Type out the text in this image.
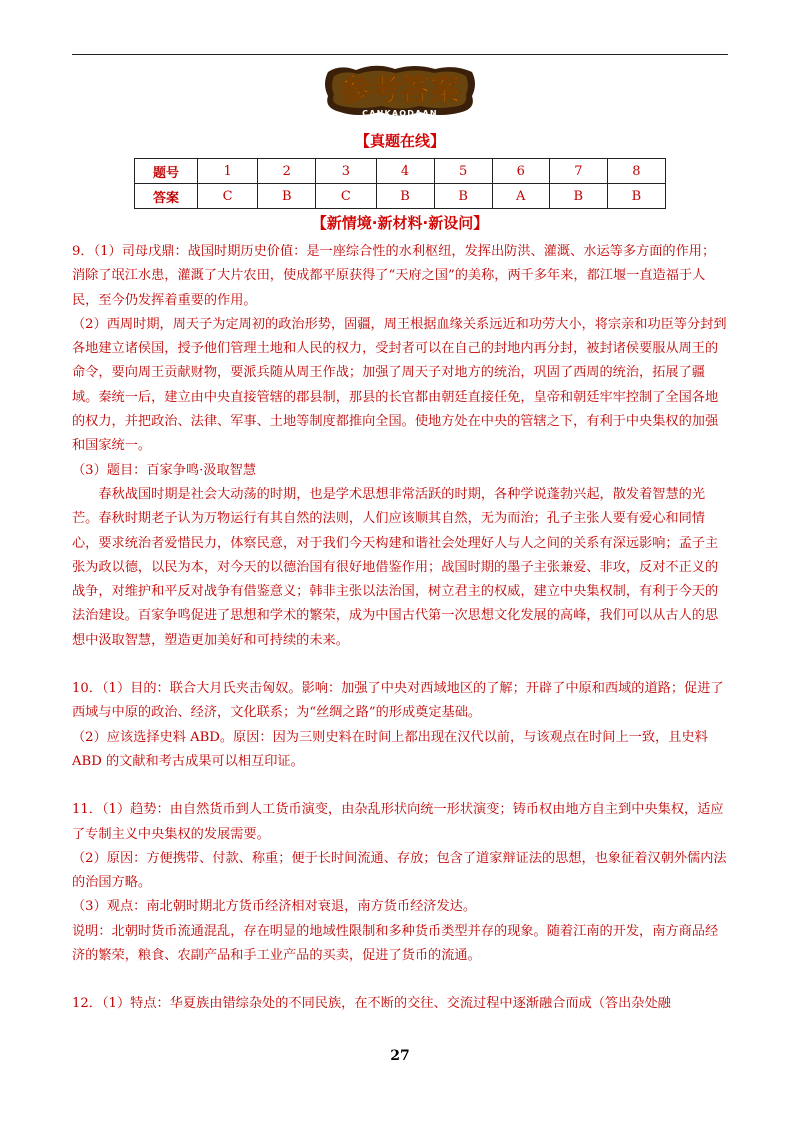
参考答案
CANKAODAAN
【真题在线】
题号	1	2	3	4	5	6	7	8
答案	C	B	C	B	B	A	B	B
【新情境·新材料·新设问】

9．（1）司母戊鼎：战国时期历史价值：是一座综合性的水利枢纽，发挥出防洪、灌溉、水运等多方面的作用；消除了氓江水患，灌溉了大片农田，使成都平原获得了“天府之国”的美称，两千多年来，都江堰一直造福于人民，至今仍发挥着重要的作用。

（2）西周时期，周天子为定周初的政治形势，固疆，周王根据血缘关系远近和功劳大小，将宗亲和功臣等分封到各地建立诸侯国，授予他们管理土地和人民的权力，受封者可以在自己的封地内再分封，被封诸侯要服从周王的命令，要向周王贡献财物，要派兵随从周王作战；加强了周天子对地方的统治，巩固了西周的统治，拓展了疆域。秦统一后，建立由中央直接管辖的郡县制，那县的长官都由朝廷直接任免，皇帝和朝廷牢牢控制了全国各地的权力，并把政治、法律、军事、土地等制度都推向全国。使地方处在中央的管辖之下，有利于中央集权的加强和国家统一。

（3）题目：百家争鸣·汲取智慧

春秋战国时期是社会大动荡的时期，也是学术思想非常活跃的时期，各种学说蓬勃兴起，散发着智慧的光芒。春秋时期老子认为万物运行有其自然的法则，人们应该顺其自然，无为而治；孔子主张人要有爱心和同情心，要求统治者爱惜民力，体察民意，对于我们今天构建和谐社会处理好人与人之间的关系有深远影响；孟子主张为政以德，以民为本，对今天的以德治国有很好地借鉴作用；战国时期的墨子主张兼爱、非攻，反对不正义的战争，对维护和平反对战争有借鉴意义；韩非主张以法治国，树立君主的权威，建立中央集权制，有利于今天的法治建设。百家争鸣促进了思想和学术的繁荣，成为中国古代第一次思想文化发展的高峰，我们可以从古人的思想中汲取智慧，塑造更加美好和可持续的未来。

10．（1）目的：联合大月氏夹击匈奴。影响：加强了中央对西域地区的了解；开辟了中原和西域的道路；促进了西域与中原的政治、经济，文化联系；为“丝绸之路”的形成奠定基础。

（2）应该选择史料 ABD。原因：因为三则史料在时间上都出现在汉代以前，与该观点在时间上一致，且史料 ABD 的文献和考古成果可以相互印证。

11．（1）趋势：由自然货币到人工货币演变，由杂乱形状向统一形状演变；铸币权由地方自主到中央集权，适应了专制主义中央集权的发展需要。

（2）原因：方便携带、付款、称重；便于长时间流通、存放；包含了道家辩证法的思想，也象征着汉朝外儒内法的治国方略。

（3）观点：南北朝时期北方货币经济相对衰退，南方货币经济发达。

说明：北朝时货币流通混乱，存在明显的地域性限制和多种货币类型并存的现象。随着江南的开发，南方商品经济的繁荣，粮食、农副产品和手工业产品的买卖，促进了货币的流通。

12．（1）特点：华夏族由错综杂处的不同民族，在不断的交往、交流过程中逐渐融合而成（答出杂处融

27
